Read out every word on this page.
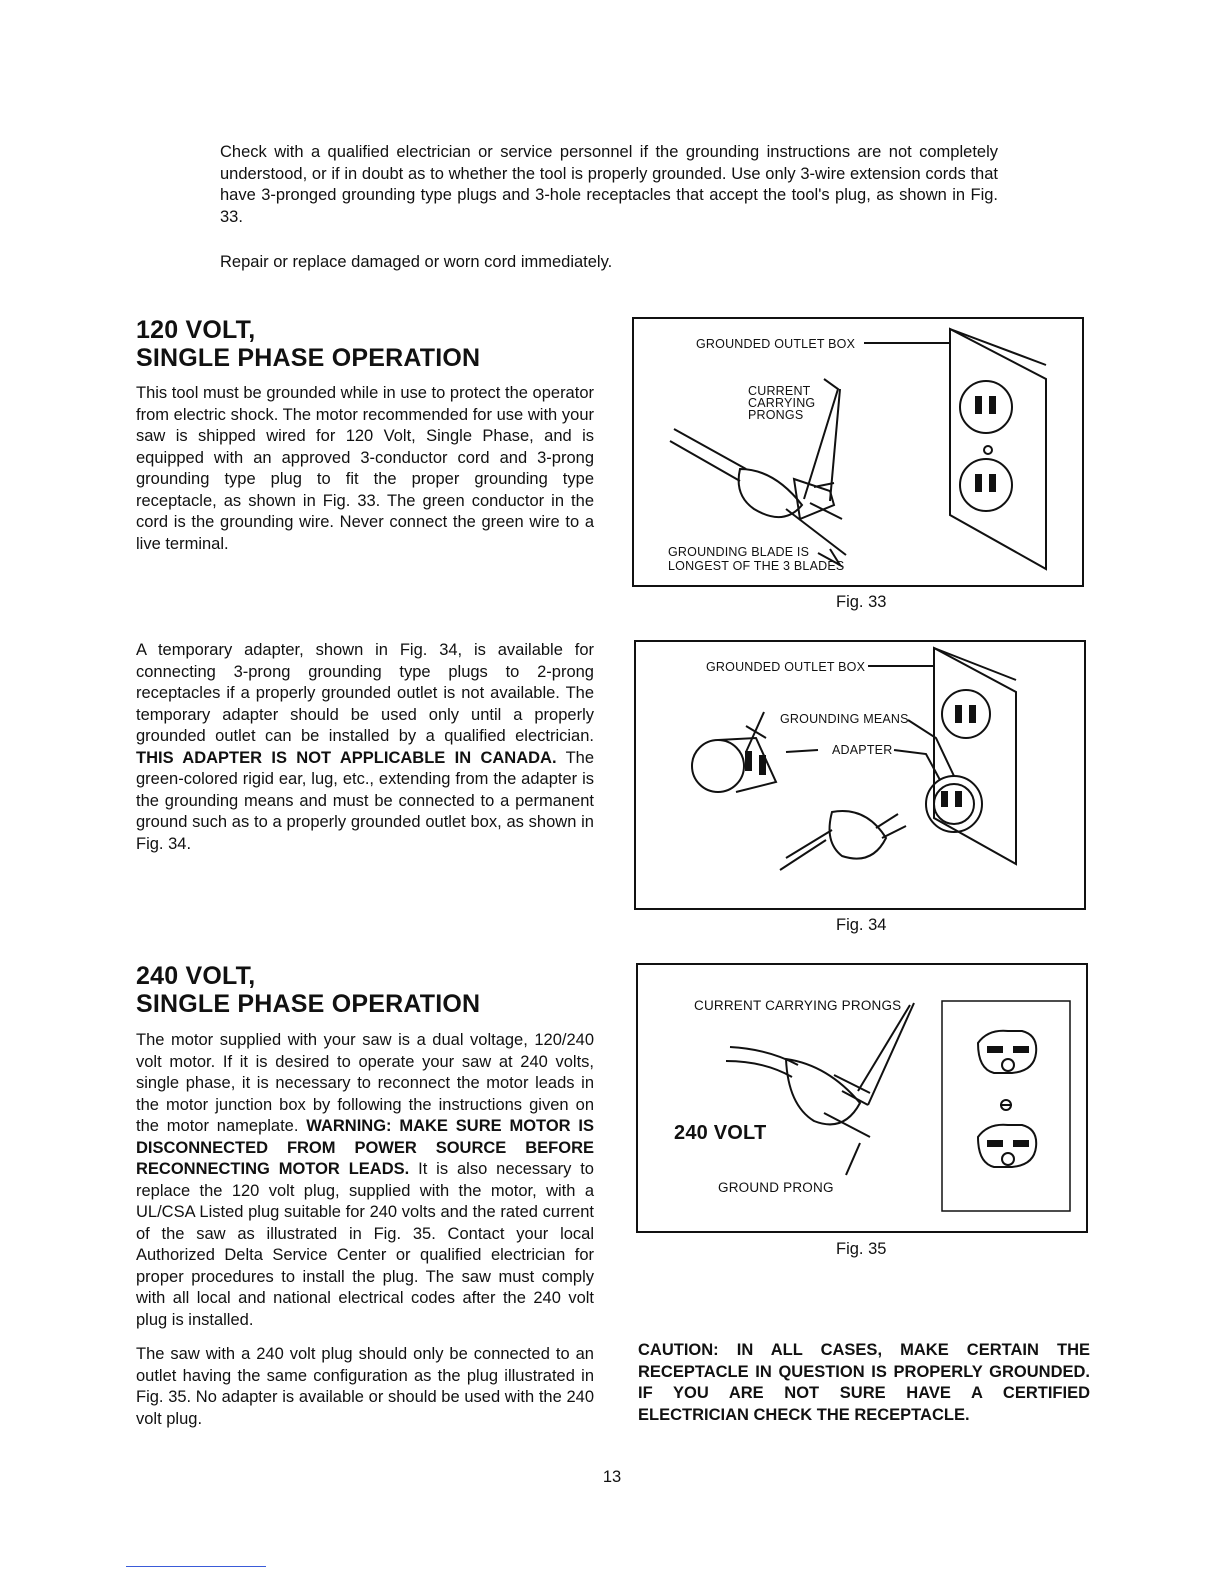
Check with a qualified electrician or service personnel if the grounding instructions are not completely understood, or if in doubt as to whether the tool is properly grounded. Use only 3-wire extension cords that have 3-pronged grounding type plugs and 3-hole receptacles that accept the tool's plug, as shown in Fig. 33.

Repair or replace damaged or worn cord immediately.

120 VOLT,
SINGLE PHASE OPERATION

This tool must be grounded while in use to protect the operator from electric shock. The motor recommended for use with your saw is shipped wired for 120 Volt, Single Phase, and is equipped with an approved 3-conductor cord and 3-prong grounding type plug to fit the proper grounding type receptacle, as shown in Fig. 33. The green conductor in the cord is the grounding wire. Never connect the green wire to a live terminal.

A temporary adapter, shown in Fig. 34, is available for connecting 3-prong grounding type plugs to 2-prong receptacles if a properly grounded outlet is not available. The temporary adapter should be used only until a properly grounded outlet can be installed by a qualified electrician. THIS ADAPTER IS NOT APPLICABLE IN CANADA. The green-colored rigid ear, lug, etc., extending from the adapter is the grounding means and must be connected to a permanent ground such as to a properly grounded outlet box, as shown in Fig. 34.

240 VOLT,
SINGLE PHASE OPERATION

The motor supplied with your saw is a dual voltage, 120/240 volt motor. If it is desired to operate your saw at 240 volts, single phase, it is necessary to reconnect the motor leads in the motor junction box by following the instructions given on the motor nameplate. WARNING: MAKE SURE MOTOR IS DISCONNECTED FROM POWER SOURCE BEFORE RECONNECTING MOTOR LEADS. It is also necessary to replace the 120 volt plug, supplied with the motor, with a UL/CSA Listed plug suitable for 240 volts and the rated current of the saw as illustrated in Fig. 35. Contact your local Authorized Delta Service Center or qualified electrician for proper procedures to install the plug. The saw must comply with all local and national electrical codes after the 240 volt plug is installed.

The saw with a 240 volt plug should only be connected to an outlet having the same configuration as the plug illustrated in Fig. 35. No adapter is available or should be used with the 240 volt plug.

GROUNDED OUTLET BOX
CURRENT
CARRYING
PRONGS
GROUNDING BLADE IS
LONGEST OF THE 3 BLADES
Fig. 33
GROUNDED OUTLET BOX
GROUNDING MEANS
ADAPTER
Fig. 34
CURRENT CARRYING PRONGS
240 VOLT
GROUND PRONG
Fig. 35

CAUTION: IN ALL CASES, MAKE CERTAIN THE RECEPTACLE IN QUESTION IS PROPERLY GROUNDED. IF YOU ARE NOT SURE HAVE A CERTIFIED ELECTRICIAN CHECK THE RECEPTACLE.

13
